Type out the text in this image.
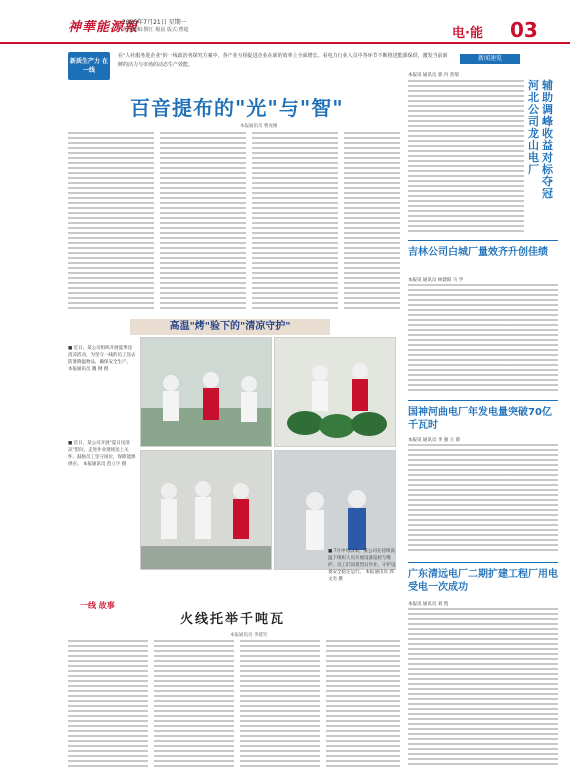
神華能源報
2025年7月21日 星期一
責任編輯:劉江 楊晨 版式:曹超	电·能 03
新质生产力 在一线
在"人社服务进企业"的一线政治务探究方案中，各产业互相促进企业在新的效率上全面增长。看电力行业人员中各环节不断推进能源保供，激发当前新鲜的活力与市场的动态生产效能。
百音提布的"光"与"智"
本报通讯员 曹虎刚
新闻速览
本报讯 通讯员 郭 内 普瑞
河北公司龙山电厂
辅助调峰收益对标夺冠
吉林公司白城厂量效齐升创佳绩
本报讯 通讯员 杨建阳 马 学
国神河曲电厂年发电量突破70亿千瓦时
本报讯 通讯员 李 强 王 蔡
广东清远电厂二期扩建工程厂用电受电一次成功
本报讯 通讯员 刘 凯
高温"烤"验下的"清凉守护"
■ 近日，某公司组织开展夏季送清凉活动，为坚守一线的员工送去防暑降温物品，确保安全生产。 本报通讯员 魏 钢 摄
■ 近日，某公司开展"夏日送清凉"慰问，走进作业现场送上关怀，鼓励员工坚守岗位，保障能源供应。 本报通讯员 范立宇 摄
■ 7月中旬以来，某公司在持续高温下组织人员开展设备巡检与维护，员工们顶着烈日作业，守护设备安全稳定运行。 本报通讯员 郭文杰 摄
一线 故事
火线托举千吨瓦
本报通讯员 李建军
